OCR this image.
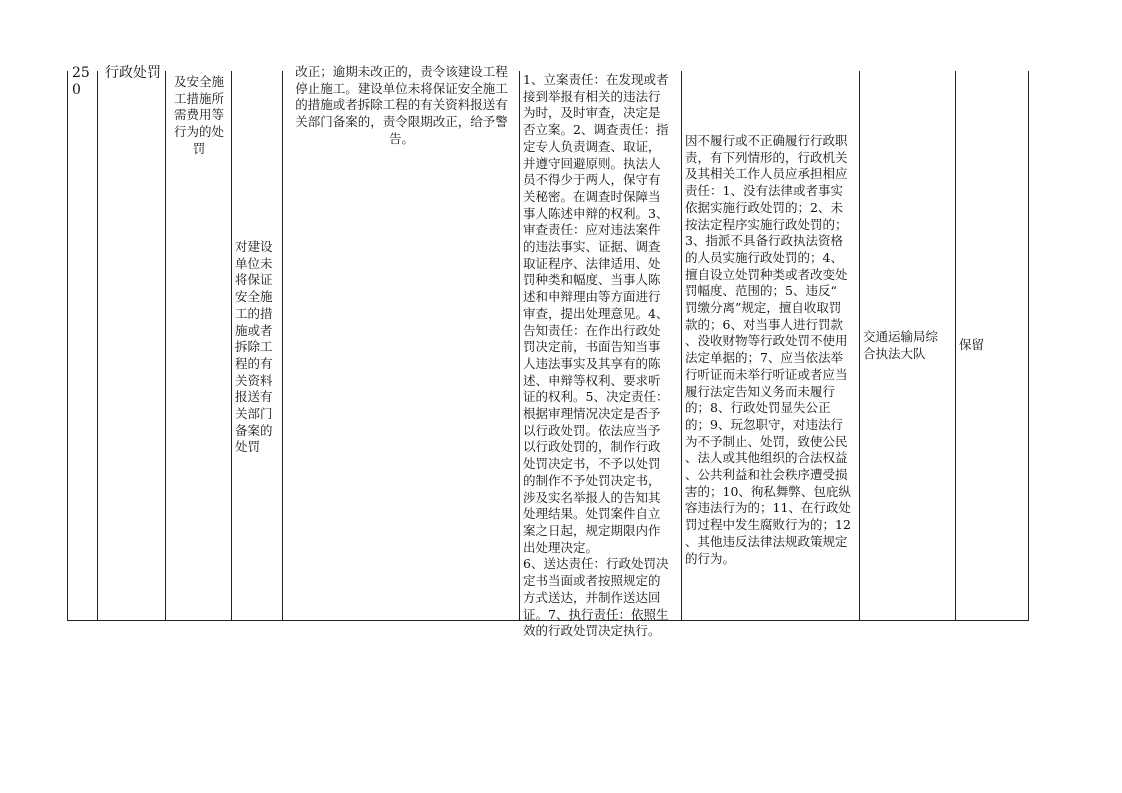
250
行政处罚
及安全施
工措施所
需费用等
行为的处
罚
对建设
单位未
将保证
安全施
工的措
施或者
拆除工
程的有
关资料
报送有
关部门
备案的
处罚
改正；逾期未改正的，责令该建设工程
停止施工。建设单位未将保证安全施工
的措施或者拆除工程的有关资料报送有
关部门备案的，责令限期改正，给予警
告。
1、立案责任：在发现或者
接到举报有相关的违法行
为时，及时审查，决定是
否立案。2、调查责任：指
定专人负责调查、取证，
并遵守回避原则。执法人
员不得少于两人，保守有
关秘密。在调查时保障当
事人陈述申辩的权利。3、
审查责任：应对违法案件
的违法事实、证据、调查
取证程序、法律适用、处
罚种类和幅度、当事人陈
述和申辩理由等方面进行
审查，提出处理意见。4、
告知责任：在作出行政处
罚决定前，书面告知当事
人违法事实及其享有的陈
述、申辩等权利、要求听
证的权利。5、决定责任：
根据审理情况决定是否予
以行政处罚。依法应当予
以行政处罚的，制作行政
处罚决定书，不予以处罚
的制作不予处罚决定书，
涉及实名举报人的告知其
处理结果。处罚案件自立
案之日起，规定期限内作
出处理决定。
6、送达责任：行政处罚决
定书当面或者按照规定的
方式送达，并制作送达回
证。7、执行责任：依照生
效的行政处罚决定执行。
因不履行或不正确履行行政职
责，有下列情形的，行政机关
及其相关工作人员应承担相应
责任：1、没有法律或者事实
依据实施行政处罚的；2、未
按法定程序实施行政处罚的；
3、指派不具备行政执法资格
的人员实施行政处罚的；4、
擅自设立处罚种类或者改变处
罚幅度、范围的；5、违反“
罚缴分离”规定，擅自收取罚
款的；6、对当事人进行罚款
、没收财物等行政处罚不使用
法定单据的；7、应当依法举
行听证而未举行听证或者应当
履行法定告知义务而未履行
的；8、行政处罚显失公正
的；9、玩忽职守，对违法行
为不予制止、处罚，致使公民
、法人或其他组织的合法权益
、公共利益和社会秩序遭受损
害的；10、徇私舞弊、包庇纵
容违法行为的；11、在行政处
罚过程中发生腐败行为的；12
、其他违反法律法规政策规定
的行为。
交通运输局综
合执法大队
保留
